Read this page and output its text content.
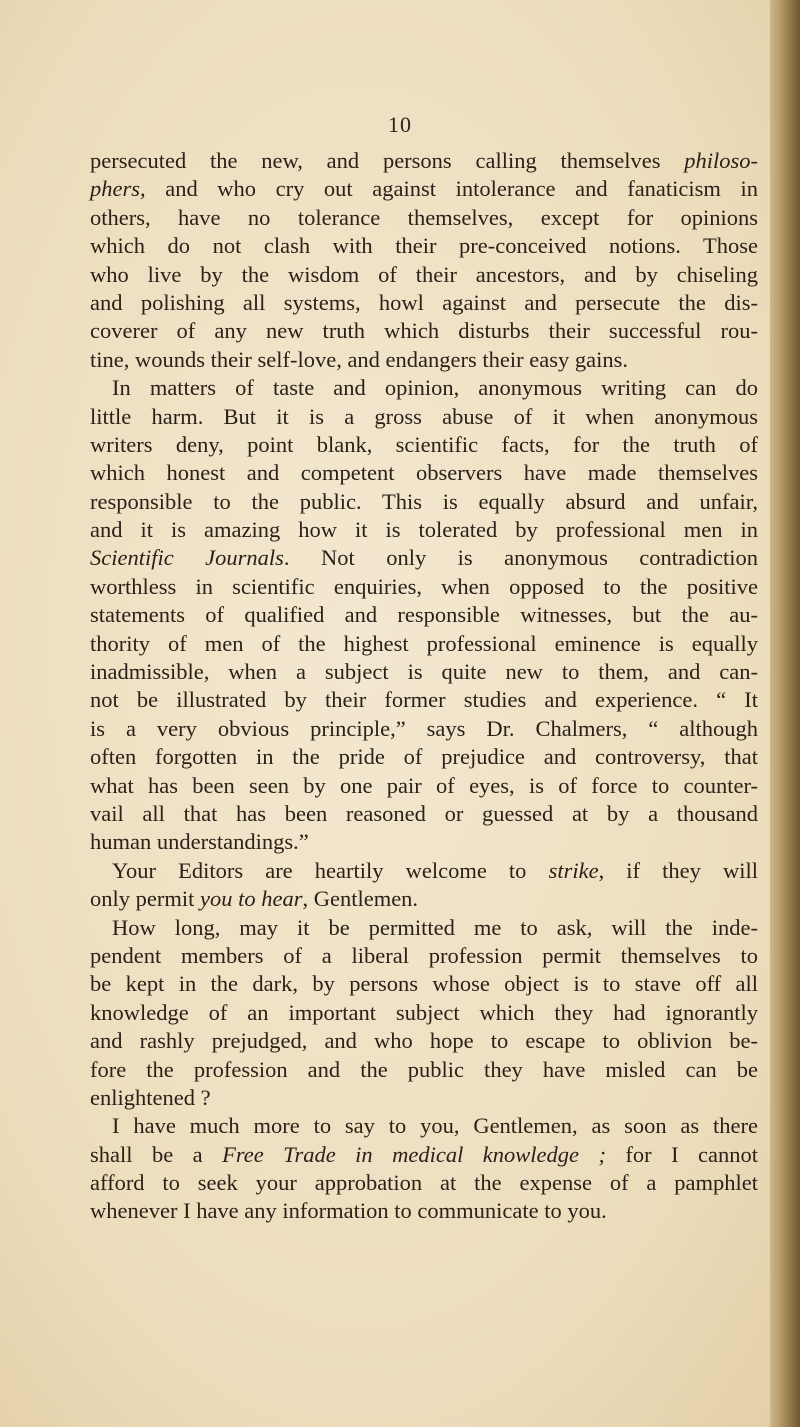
10
persecuted the new, and persons calling themselves philoso-
phers, and who cry out against intolerance and fanaticism in
others, have no tolerance themselves, except for opinions
which do not clash with their pre-conceived notions. Those
who live by the wisdom of their ancestors, and by chiseling
and polishing all systems, howl against and persecute the dis-
coverer of any new truth which disturbs their successful rou-
tine, wounds their self-love, and endangers their easy gains.
In matters of taste and opinion, anonymous writing can do
little harm. But it is a gross abuse of it when anonymous
writers deny, point blank, scientific facts, for the truth of
which honest and competent observers have made themselves
responsible to the public. This is equally absurd and unfair,
and it is amazing how it is tolerated by professional men in
Scientific Journals. Not only is anonymous contradiction
worthless in scientific enquiries, when opposed to the positive
statements of qualified and responsible witnesses, but the au-
thority of men of the highest professional eminence is equally
inadmissible, when a subject is quite new to them, and can-
not be illustrated by their former studies and experience. “ It
is a very obvious principle,” says Dr. Chalmers, “ although
often forgotten in the pride of prejudice and controversy, that
what has been seen by one pair of eyes, is of force to counter-
vail all that has been reasoned or guessed at by a thousand
human understandings.”
Your Editors are heartily welcome to strike, if they will
only permit you to hear, Gentlemen.
How long, may it be permitted me to ask, will the inde-
pendent members of a liberal profession permit themselves to
be kept in the dark, by persons whose object is to stave off all
knowledge of an important subject which they had ignorantly
and rashly prejudged, and who hope to escape to oblivion be-
fore the profession and the public they have misled can be
enlightened ?
I have much more to say to you, Gentlemen, as soon as there
shall be a Free Trade in medical knowledge ; for I cannot
afford to seek your approbation at the expense of a pamphlet
whenever I have any information to communicate to you.
